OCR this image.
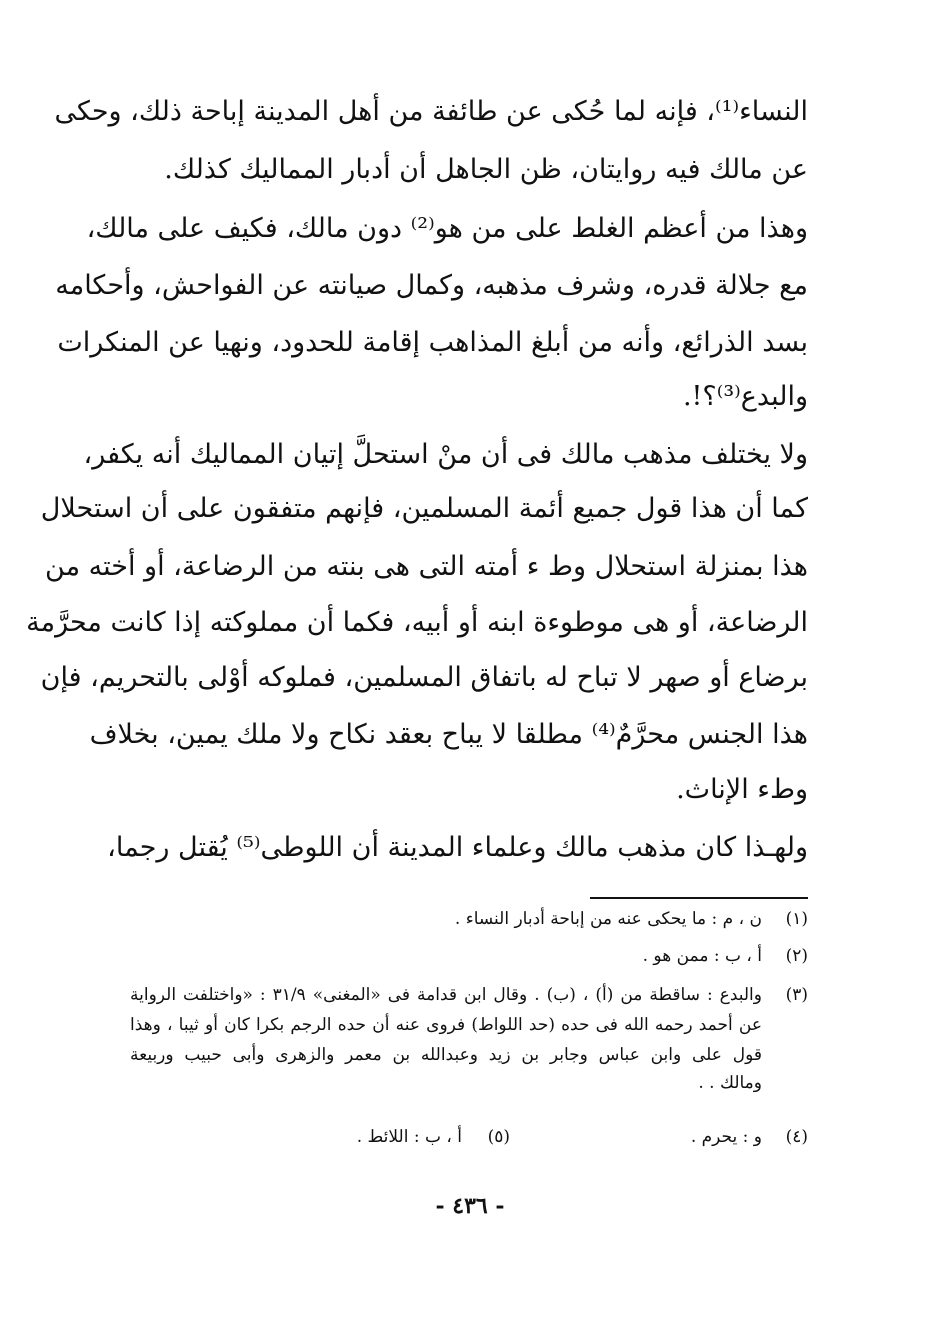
النساء⁽¹⁾، فإنه لما حُكى عن طائفة من أهل المدينة إباحة ذلك، وحكى
عن مالك فيه روايتان، ظن الجاهل أن أدبار المماليك كذلك.
وهذا من أعظم الغلط على من هو⁽²⁾ دون مالك، فكيف على مالك،
مع جلالة قدره، وشرف مذهبه، وكمال صيانته عن الفواحش، وأحكامه
بسد الذرائع، وأنه من أبلغ المذاهب إقامة للحدود، ونهيا عن المنكرات
والبدع⁽³⁾؟!.
ولا يختلف مذهب مالك فى أن منْ استحلَّ إتيان المماليك أنه يكفر،
كما أن هذا قول جميع أئمة المسلمين، فإنهم متفقون على أن استحلال
هذا بمنزلة استحلال وط ء أمته التى هى بنته من الرضاعة، أو أخته من
الرضاعة، أو هى موطوءة ابنه أو أبيه، فكما أن مملوكته إذا كانت محرَّمة
برضاع أو صهر لا تباح له باتفاق المسلمين، فملوكه أوْلى بالتحريم، فإن
هذا الجنس محرَّمٌ⁽⁴⁾ مطلقا لا يباح بعقد نكاح ولا ملك يمين، بخلاف
وطء الإناث.
ولهـذا كان مذهب مالك وعلماء المدينة أن اللوطى⁽⁵⁾ يُقتل رجما،
(١)
ن ، م : ما يحكى عنه من إباحة أدبار النساء .
(٢)
أ ، ب : ممن هو .
(٣)
والبدع : ساقطة من (أ) ، (ب) . وقال ابن قدامة فى «المغنى» ٣١/٩ : «واختلفت الرواية
عن أحمد رحمه الله فى حده (حد اللواط) فروى عنه أن حده الرجم بكرا كان أو ثيبا ، وهذا
قول على وابن عباس وجابر بن زيد وعبدالله بن معمر والزهرى وأبى حبيب وربيعة
ومالك . .
(٤)
و : يحرم .
(٥)
أ ، ب : اللائط .
- ٤٣٦ -
